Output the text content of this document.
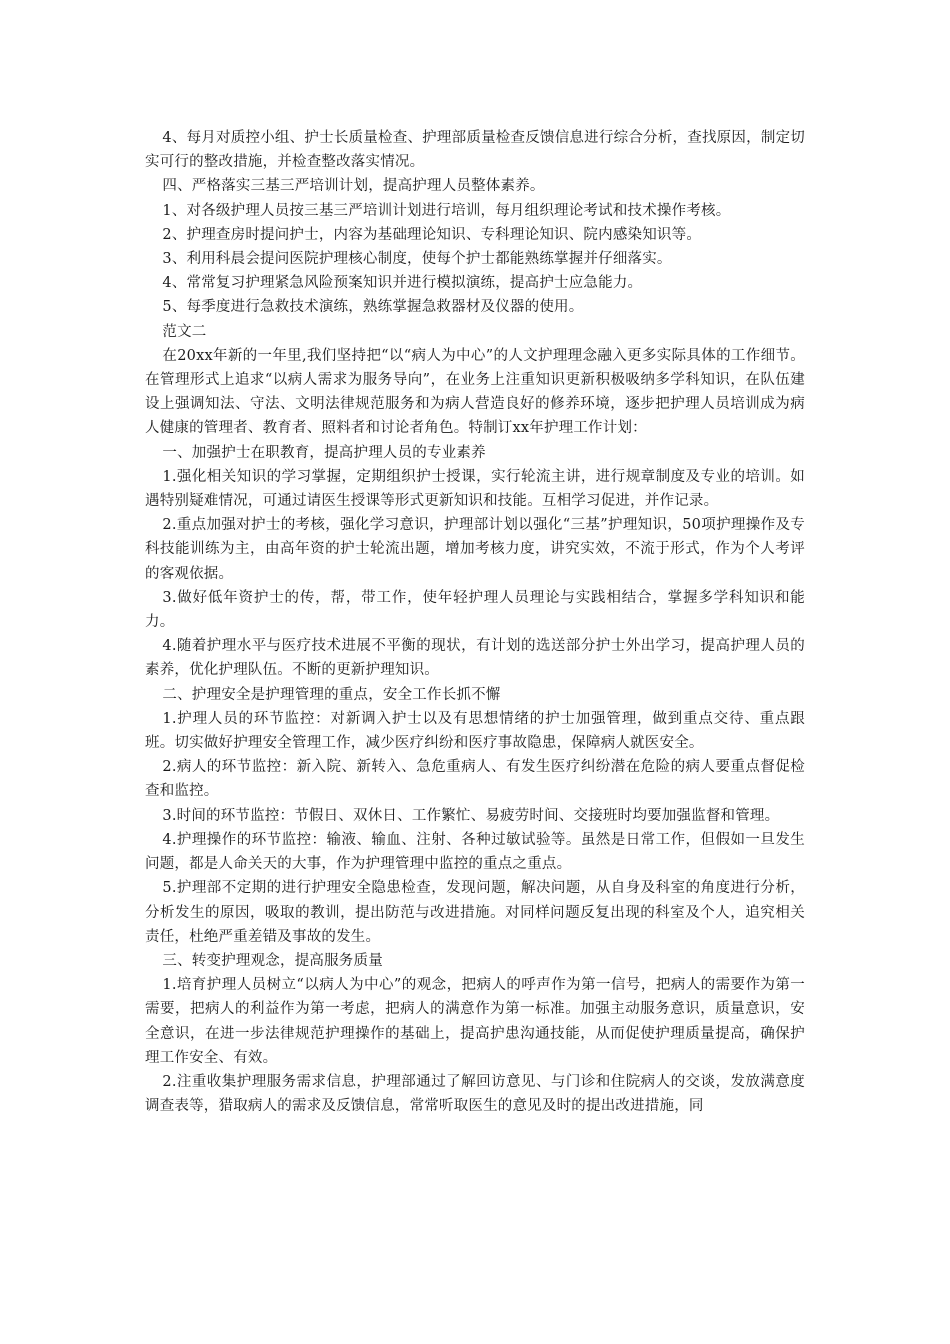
4、每月对质控小组、护士长质量检查、护理部质量检查反馈信息进行综合分析，查找原因，制定切实可行的整改措施，并检查整改落实情况。

四、严格落实三基三严培训计划，提高护理人员整体素养。

1、对各级护理人员按三基三严培训计划进行培训，每月组织理论考试和技术操作考核。

2、护理查房时提问护士，内容为基础理论知识、专科理论知识、院内感染知识等。

3、利用科晨会提问医院护理核心制度，使每个护士都能熟练掌握并仔细落实。

4、常常复习护理紧急风险预案知识并进行模拟演练，提高护士应急能力。

5、每季度进行急救技术演练，熟练掌握急救器材及仪器的使用。

范文二

在20xx年新的一年里,我们坚持把“以“病人为中心”的人文护理理念融入更多实际具体的工作细节。在管理形式上追求“以病人需求为服务导向”，在业务上注重知识更新积极吸纳多学科知识，在队伍建设上强调知法、守法、文明法律规范服务和为病人营造良好的修养环境，逐步把护理人员培训成为病人健康的管理者、教育者、照料者和讨论者角色。特制订xx年护理工作计划：

一、加强护士在职教育，提高护理人员的专业素养

1.强化相关知识的学习掌握，定期组织护士授课，实行轮流主讲，进行规章制度及专业的培训。如遇特别疑难情况，可通过请医生授课等形式更新知识和技能。互相学习促进，并作记录。

2.重点加强对护士的考核，强化学习意识，护理部计划以强化“三基”护理知识，50项护理操作及专科技能训练为主，由高年资的护士轮流出题，增加考核力度，讲究实效，不流于形式，作为个人考评的客观依据。

3.做好低年资护士的传，帮，带工作，使年轻护理人员理论与实践相结合，掌握多学科知识和能力。

4.随着护理水平与医疗技术进展不平衡的现状，有计划的选送部分护士外出学习，提高护理人员的素养，优化护理队伍。不断的更新护理知识。

二、护理安全是护理管理的重点，安全工作长抓不懈

1.护理人员的环节监控：对新调入护士以及有思想情绪的护士加强管理，做到重点交待、重点跟班。切实做好护理安全管理工作，减少医疗纠纷和医疗事故隐患，保障病人就医安全。

2.病人的环节监控：新入院、新转入、急危重病人、有发生医疗纠纷潜在危险的病人要重点督促检查和监控。

3.时间的环节监控：节假日、双休日、工作繁忙、易疲劳时间、交接班时均要加强监督和管理。

4.护理操作的环节监控：输液、输血、注射、各种过敏试验等。虽然是日常工作，但假如一旦发生问题，都是人命关天的大事，作为护理管理中监控的重点之重点。

5.护理部不定期的进行护理安全隐患检查，发现问题，解决问题，从自身及科室的角度进行分析，分析发生的原因，吸取的教训，提出防范与改进措施。对同样问题反复出现的科室及个人，追究相关责任，杜绝严重差错及事故的发生。

三、转变护理观念，提高服务质量

1.培育护理人员树立“以病人为中心”的观念，把病人的呼声作为第一信号，把病人的需要作为第一需要，把病人的利益作为第一考虑，把病人的满意作为第一标准。加强主动服务意识，质量意识，安全意识，在进一步法律规范护理操作的基础上，提高护患沟通技能，从而促使护理质量提高，确保护理工作安全、有效。

2.注重收集护理服务需求信息，护理部通过了解回访意见、与门诊和住院病人的交谈，发放满意度调查表等，猎取病人的需求及反馈信息，常常听取医生的意见及时的提出改进措施，同
